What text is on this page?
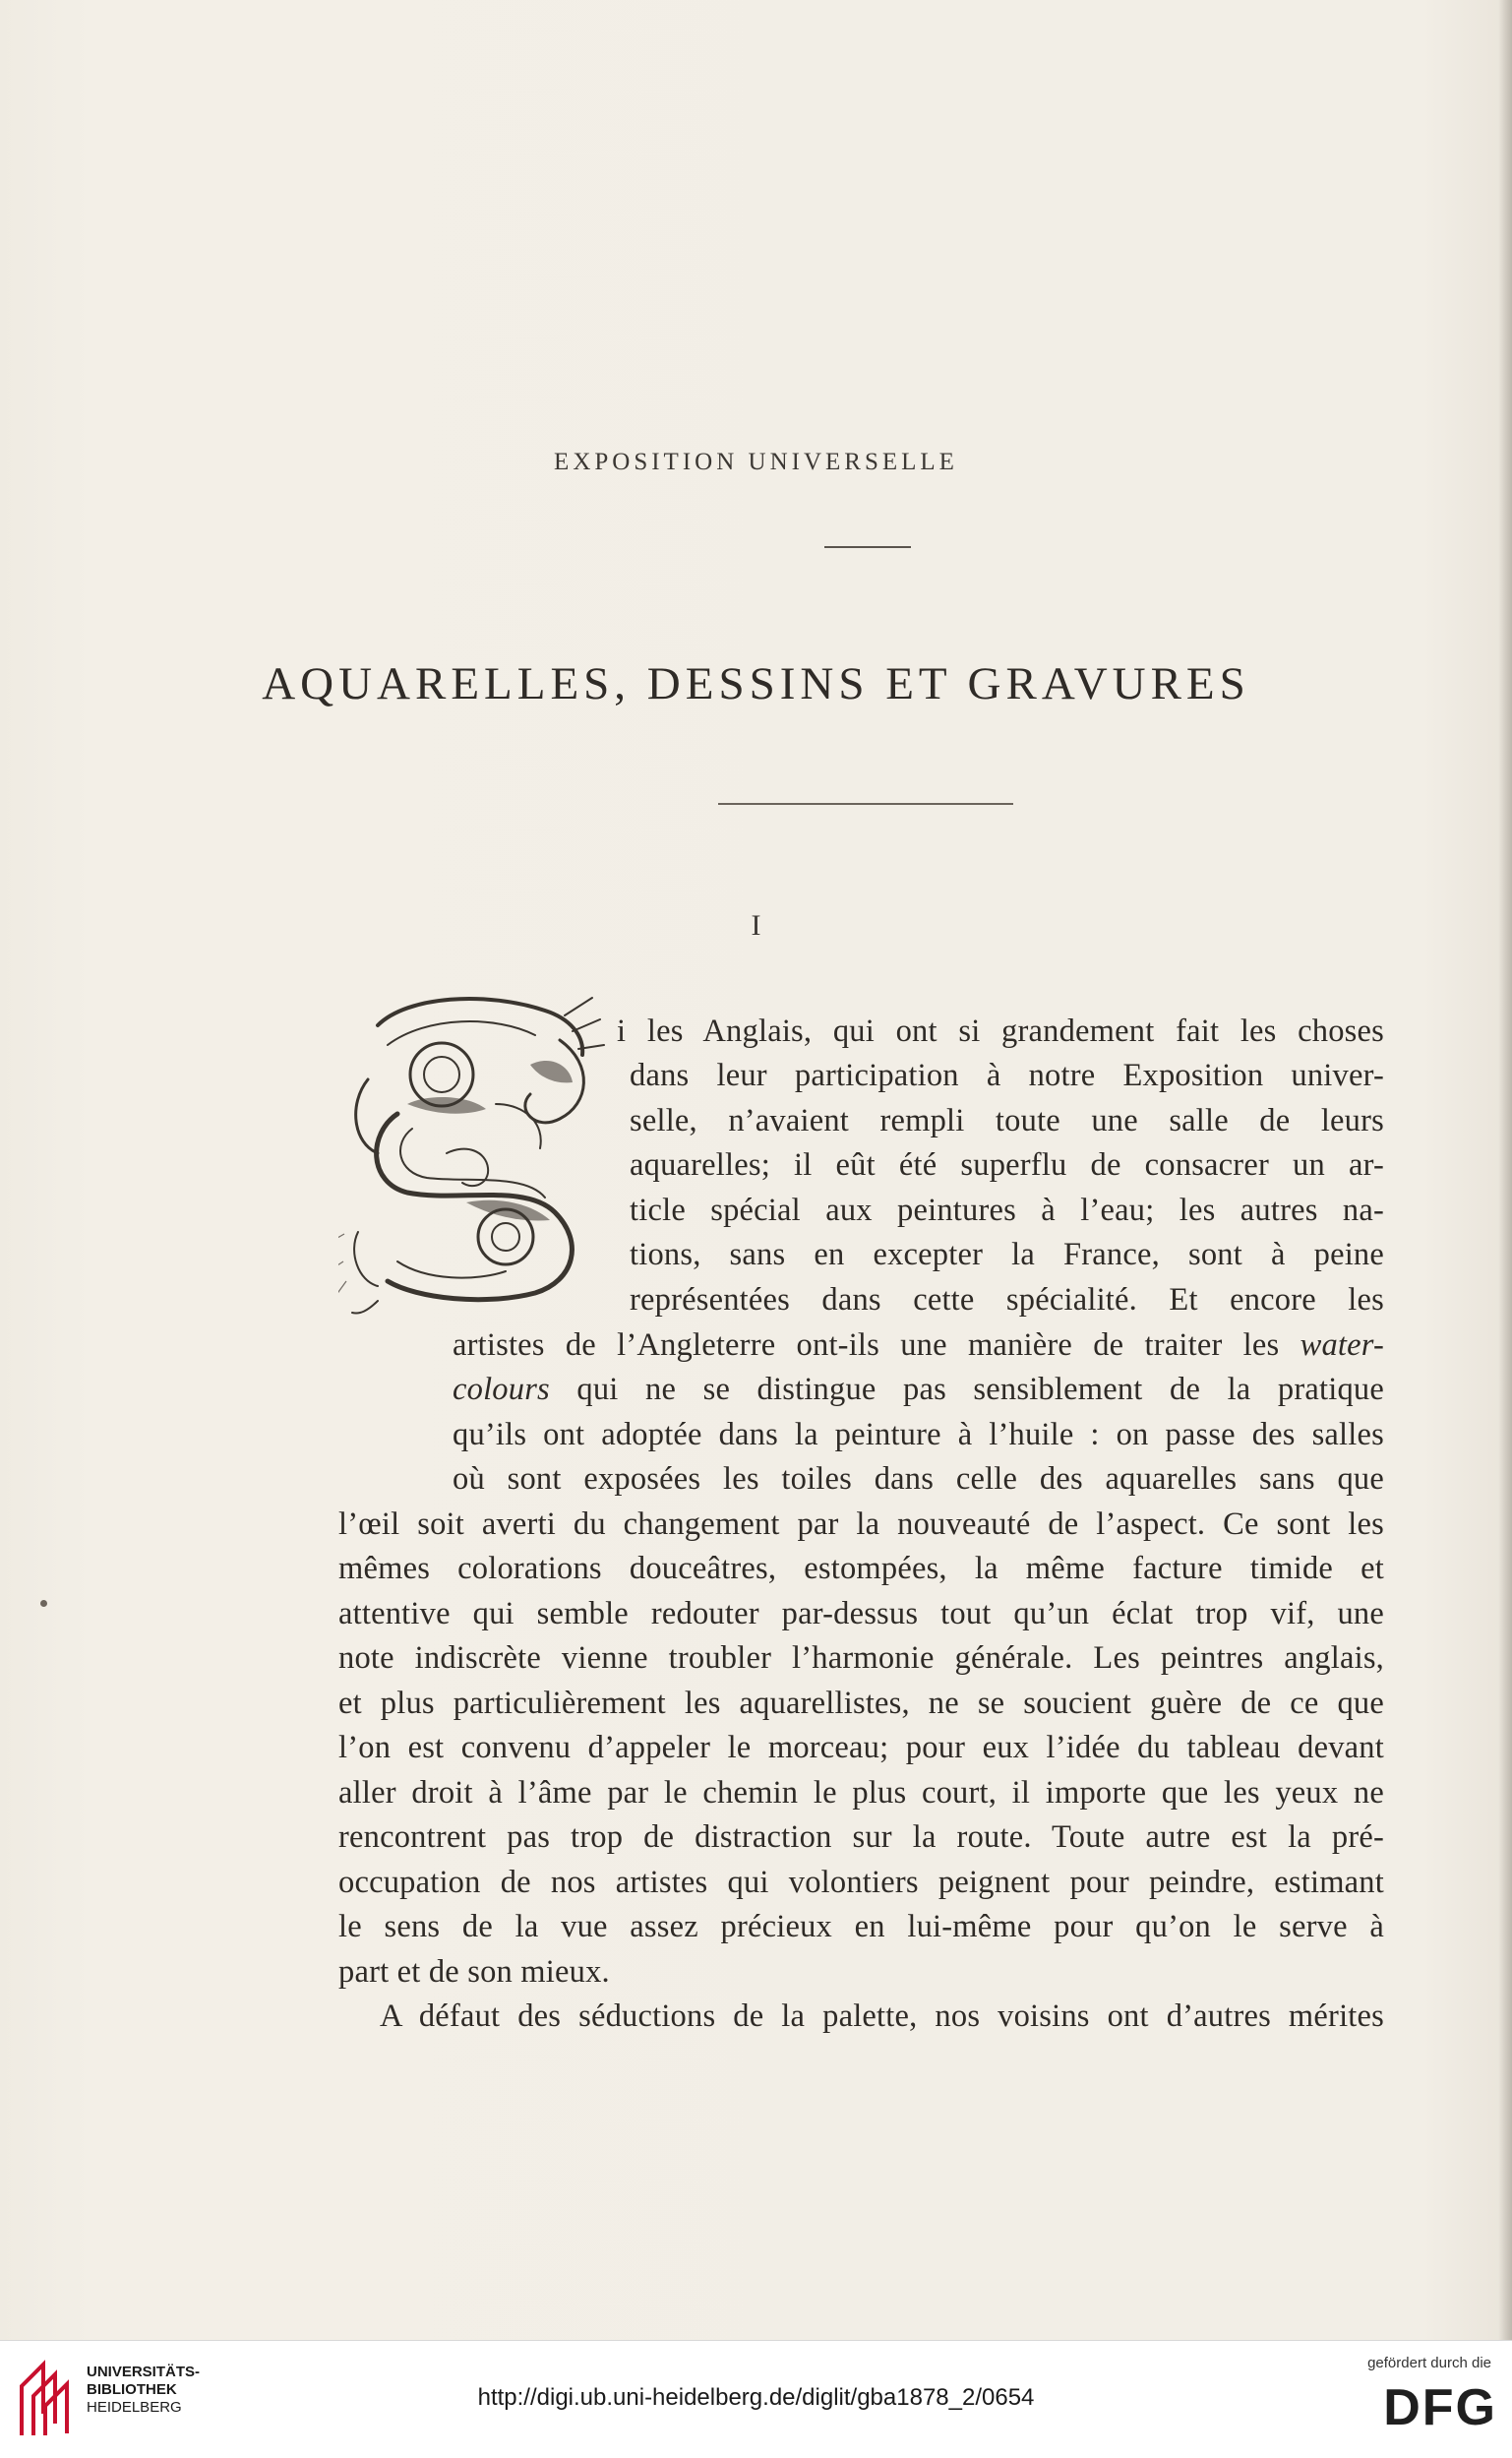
EXPOSITION UNIVERSELLE
AQUARELLES, DESSINS ET GRAVURES
I
i les Anglais, qui ont si grandement fait les choses
dans leur participation à notre Exposition univer-
selle, n’avaient rempli toute une salle de leurs
aquarelles; il eût été superflu de consacrer un ar-
ticle spécial aux peintures à l’eau; les autres na-
tions, sans en excepter la France, sont à peine
représentées dans cette spécialité. Et encore les
artistes de l’Angleterre ont-ils une manière de traiter les water-
colours qui ne se distingue pas sensiblement de la pratique
qu’ils ont adoptée dans la peinture à l’huile : on passe des salles
où sont exposées les toiles dans celle des aquarelles sans que
l’œil soit averti du changement par la nouveauté de l’aspect. Ce sont les
mêmes colorations douceâtres, estompées, la même facture timide et
attentive qui semble redouter par-dessus tout qu’un éclat trop vif, une
note indiscrète vienne troubler l’harmonie générale. Les peintres anglais,
et plus particulièrement les aquarellistes, ne se soucient guère de ce que
l’on est convenu d’appeler le morceau; pour eux l’idée du tableau devant
aller droit à l’âme par le chemin le plus court, il importe que les yeux ne
rencontrent pas trop de distraction sur la route. Toute autre est la pré-
occupation de nos artistes qui volontiers peignent pour peindre, estimant
le sens de la vue assez précieux en lui-même pour qu’on le serve à
part et de son mieux.
A défaut des séductions de la palette, nos voisins ont d’autres mérites
UNIVERSITÄTS-
BIBLIOTHEK
HEIDELBERG	http://digi.ub.uni-heidelberg.de/diglit/gba1878_2/0654
gefördert durch die
DFG
